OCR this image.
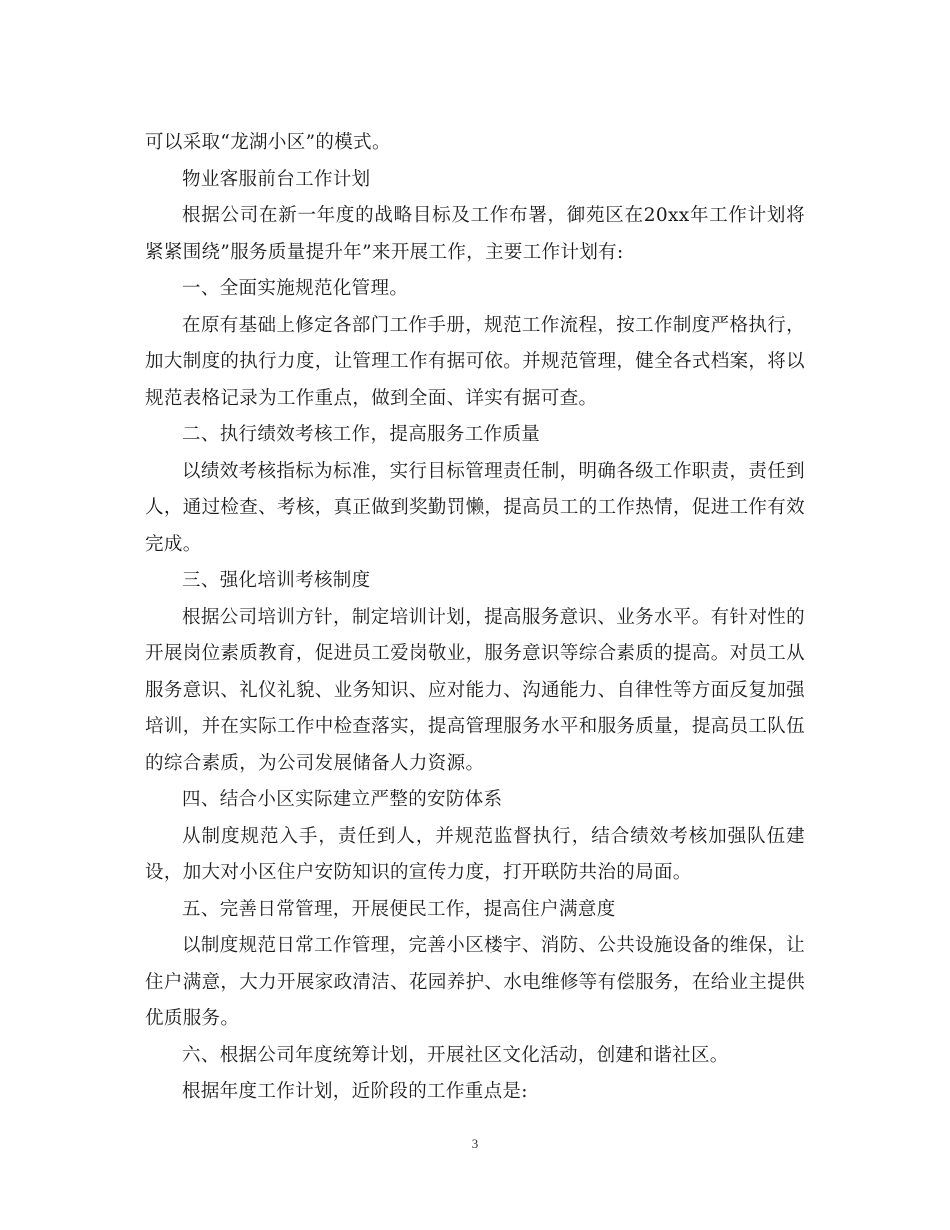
可以采取“龙湖小区”的模式。

物业客服前台工作计划

根据公司在新一年度的战略目标及工作布署，御苑区在20xx年工作计划将紧紧围绕”服务质量提升年”来开展工作，主要工作计划有:

一、全面实施规范化管理。

在原有基础上修定各部门工作手册，规范工作流程，按工作制度严格执行，加大制度的执行力度，让管理工作有据可依。并规范管理，健全各式档案，将以规范表格记录为工作重点，做到全面、详实有据可查。

二、执行绩效考核工作，提高服务工作质量

以绩效考核指标为标准，实行目标管理责任制，明确各级工作职责，责任到人，通过检查、考核，真正做到奖勤罚懒，提高员工的工作热情，促进工作有效完成。

三、强化培训考核制度

根据公司培训方针，制定培训计划，提高服务意识、业务水平。有针对性的开展岗位素质教育，促进员工爱岗敬业，服务意识等综合素质的提高。对员工从服务意识、礼仪礼貌、业务知识、应对能力、沟通能力、自律性等方面反复加强培训，并在实际工作中检查落实，提高管理服务水平和服务质量，提高员工队伍的综合素质，为公司发展储备人力资源。

四、结合小区实际建立严整的安防体系

从制度规范入手，责任到人，并规范监督执行，结合绩效考核加强队伍建设，加大对小区住户安防知识的宣传力度，打开联防共治的局面。

五、完善日常管理，开展便民工作，提高住户满意度

以制度规范日常工作管理，完善小区楼宇、消防、公共设施设备的维保，让住户满意，大力开展家政清洁、花园养护、水电维修等有偿服务，在给业主提供优质服务。

六、根据公司年度统筹计划，开展社区文化活动，创建和谐社区。

根据年度工作计划，近阶段的工作重点是:

3
